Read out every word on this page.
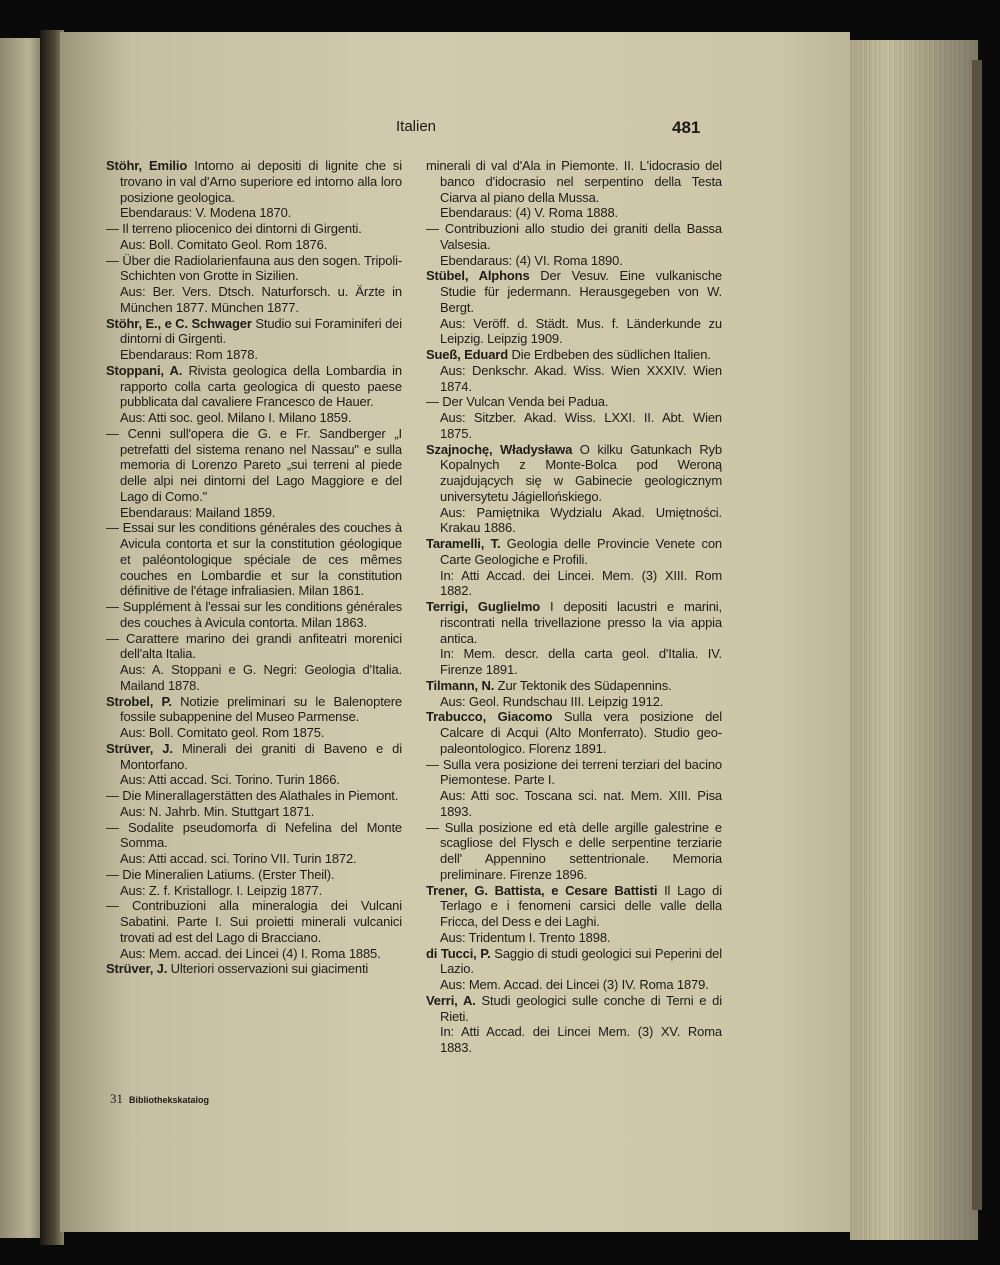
Italien	481

Stöhr, Emilio Intorno ai depositi di lignite che si trovano in val d'Arno superiore ed intorno alla loro posizione geologica.

Ebendaraus: V. Modena 1870.

— Il terreno pliocenico dei dintorni di Girgenti.

Aus: Boll. Comitato Geol. Rom 1876.

— Über die Radiolarienfauna aus den sogen. Tripoli-Schichten von Grotte in Sizilien.

Aus: Ber. Vers. Dtsch. Naturforsch. u. Ärzte in München 1877. München 1877.

Stöhr, E., e C. Schwager Studio sui Foraminiferi dei dintorni di Girgenti.

Ebendaraus: Rom 1878.

Stoppani, A. Rivista geologica della Lombardia in rapporto colla carta geologica di questo paese pubblicata dal cavaliere Francesco de Hauer.

Aus: Atti soc. geol. Milano I. Milano 1859.

— Cenni sull'opera die G. e Fr. Sandberger „I petrefatti del sistema renano nel Nassau" e sulla memoria di Lorenzo Pareto „sui terreni al piede delle alpi nei dintorni del Lago Maggiore e del Lago di Como."

Ebendaraus: Mailand 1859.

— Essai sur les conditions générales des couches à Avicula contorta et sur la constitution géologique et paléontologique spéciale de ces mêmes couches en Lombardie et sur la constitution définitive de l'étage infraliasien. Milan 1861.

— Supplément à l'essai sur les conditions générales des couches à Avicula contorta. Milan 1863.

— Carattere marino dei grandi anfiteatri morenici dell'alta Italia.

Aus: A. Stoppani e G. Negri: Geologia d'Italia. Mailand 1878.

Strobel, P. Notizie preliminari su le Balenoptere fossile subappenine del Museo Parmense.

Aus: Boll. Comitato geol. Rom 1875.

Strüver, J. Minerali dei graniti di Baveno e di Montorfano.

Aus: Atti accad. Sci. Torino. Turin 1866.

— Die Minerallagerstätten des Alathales in Piemont.

Aus: N. Jahrb. Min. Stuttgart 1871.

— Sodalite pseudomorfa di Nefelina del Monte Somma.

Aus: Atti accad. sci. Torino VII. Turin 1872.

— Die Mineralien Latiums. (Erster Theil).

Aus: Z. f. Kristallogr. I. Leipzig 1877.

— Contribuzioni alla mineralogia dei Vulcani Sabatini. Parte I. Sui proietti minerali vulcanici trovati ad est del Lago di Bracciano.

Aus: Mem. accad. dei Lincei (4) I. Roma 1885.

Strüver, J. Ulteriori osservazioni sui giacimenti

minerali di val d'Ala in Piemonte. II. L'idocrasio del banco d'idocrasio nel serpentino della Testa Ciarva al piano della Mussa.

Ebendaraus: (4) V. Roma 1888.

— Contribuzioni allo studio dei graniti della Bassa Valsesia.

Ebendaraus: (4) VI. Roma 1890.

Stübel, Alphons Der Vesuv. Eine vulkanische Studie für jedermann. Herausgegeben von W. Bergt.

Aus: Veröff. d. Städt. Mus. f. Länderkunde zu Leipzig. Leipzig 1909.

Sueß, Eduard Die Erdbeben des südlichen Italien.

Aus: Denkschr. Akad. Wiss. Wien XXXIV. Wien 1874.

— Der Vulcan Venda bei Padua.

Aus: Sitzber. Akad. Wiss. LXXI. II. Abt. Wien 1875.

Szajnochę, Władysława O kilku Gatunkach Ryb Kopalnych z Monte-Bolca pod Weroną zuajdujących się w Gabinecie geologicznym universytetu Jágiellońskiego.

Aus: Pamiętnika Wydzialu Akad. Umiętności. Krakau 1886.

Taramelli, T. Geologia delle Provincie Venete con Carte Geologiche e Profili.

In: Atti Accad. dei Lincei. Mem. (3) XIII. Rom 1882.

Terrigi, Guglielmo I depositi lacustri e marini, riscontrati nella trivellazione presso la via appia antica.

In: Mem. descr. della carta geol. d'Italia. IV. Firenze 1891.

Tilmann, N. Zur Tektonik des Südapennins.

Aus: Geol. Rundschau III. Leipzig 1912.

Trabucco, Giacomo Sulla vera posizione del Calcare di Acqui (Alto Monferrato). Studio geo-paleontologico. Florenz 1891.

— Sulla vera posizione dei terreni terziari del bacino Piemontese. Parte I.

Aus: Atti soc. Toscana sci. nat. Mem. XIII. Pisa 1893.

— Sulla posizione ed età delle argille galestrine e scagliose del Flysch e delle serpentine terziarie dell' Appennino settentrionale. Memoria preliminare. Firenze 1896.

Trener, G. Battista, e Cesare Battisti Il Lago di Terlago e i fenomeni carsici delle valle della Fricca, del Dess e dei Laghi.

Aus: Tridentum I. Trento 1898.

di Tucci, P. Saggio di studi geologici sui Peperini del Lazio.

Aus: Mem. Accad. dei Lincei (3) IV. Roma 1879.

Verri, A. Studi geologici sulle conche di Terni e di Rieti.

In: Atti Accad. dei Lincei Mem. (3) XV. Roma 1883.

31 Bibliothekskatalog
